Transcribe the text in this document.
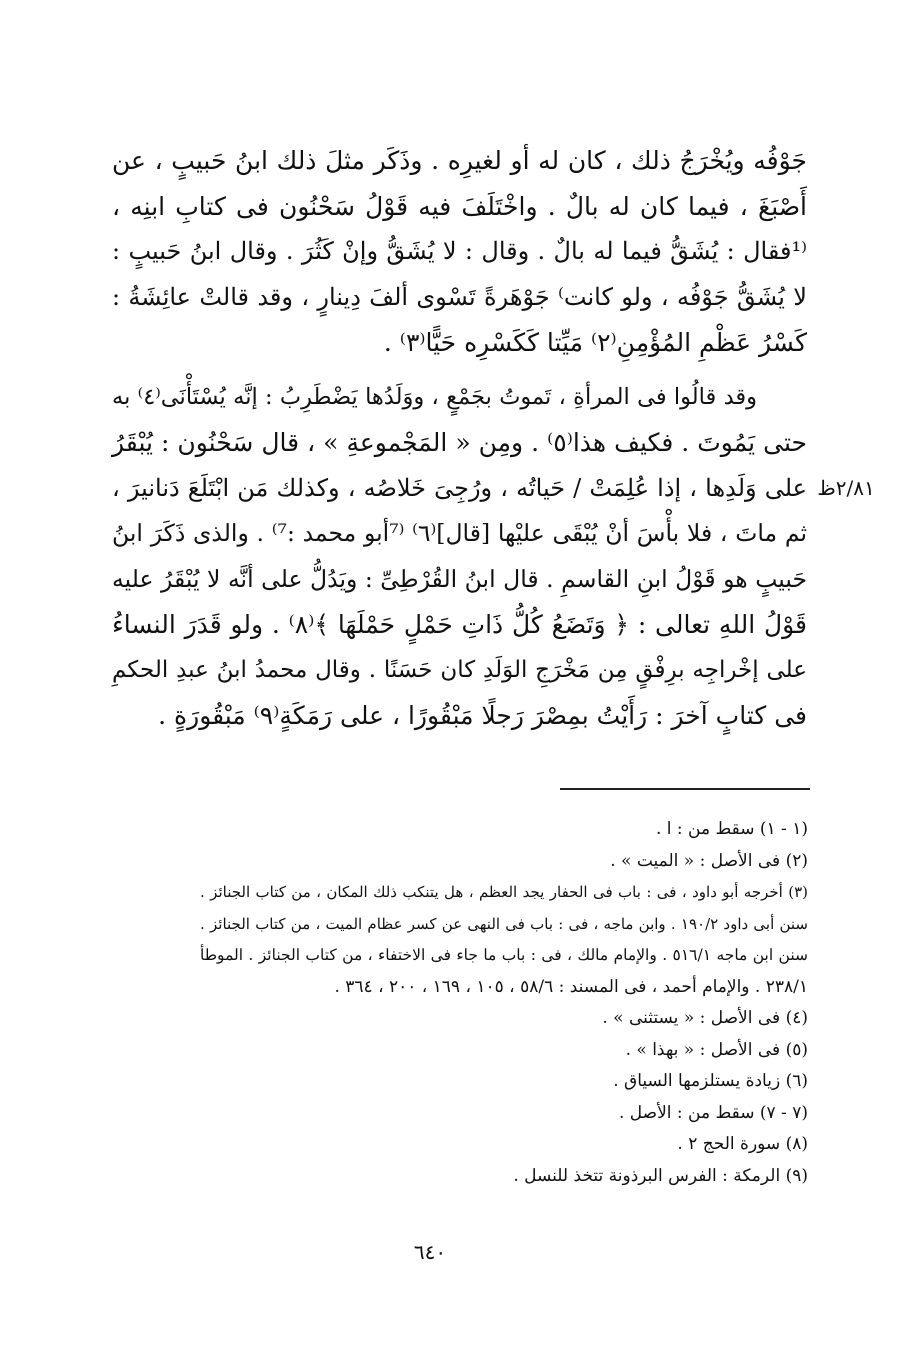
جَوْفُه ويُخْرَجُ ذلك ، كان له أو لغيرِه . وذَكَر مثلَ ذلك ابنُ حَبيبٍ ، عن
أَصْبَغَ ، فيما كان له بالٌ . واخْتَلَفَ فيه قَوْلُ سَحْنُون فى كتابِ ابنِه ،
⁽¹فقال : يُشَقُّ فيما له بالٌ . وقال : لا يُشَقُّ وإنْ كَثُرَ . وقال ابنُ حَبيبٍ :
لا يُشَقُّ جَوْفُه ، ولو كانت⁾ جَوْهَرةً تَسْوى ألفَ دِينارٍ ، وقد قالتْ عائِشَةُ :
كَسْرُ عَظْمِ المُؤْمِنِ⁽٢⁾ مَيِّتا كَكَسْرِه حَيًّا⁽٣⁾ .
وقد قالُوا فى المرأةِ ، تَموتُ بجَمْعٍ ، ووَلَدُها يَضْطَرِبُ : إنَّه يُسْتَأْنَى⁽٤⁾ به
حتى يَمُوتَ . فكيف هذا⁽٥⁾ . ومِن « المَجْموعةِ » ، قال سَحْنُون : يُبْقَرُ
على وَلَدِها ، إذا عُلِمَتْ / حَياتُه ، ورُجِىَ خَلاصُه ، وكذلك مَن ابْتَلَعَ دَنانيرَ ،
ثم ماتَ ، فلا بأْسَ أنْ يُبْقَى عليْها [قال]⁽٦⁾ ⁽⁷أبو محمد :⁷⁾ . والذى ذَكَرَ ابنُ
حَبيبٍ هو قَوْلُ ابنِ القاسمِ . قال ابنُ القُرْطِىِّ : ويَدُلُّ على أنَّه لا يُبْقَرُ عليه
قَوْلُ اللهِ تعالى : ﴿ وَتَضَعُ كُلُّ ذَاتِ حَمْلٍ حَمْلَهَا ﴾⁽٨⁾ . ولو قَدَرَ النساءُ
على إخْراجِه برِفْقٍ مِن مَخْرَجِ الوَلَدِ كان حَسَنًا . وقال محمدُ ابنُ عبدِ الحكمِ
فى كتابٍ آخرَ : رَأَيْتُ بمِصْرَ رَجلًا مَبْقُورًا ، على رَمَكَةٍ⁽٩⁾ مَبْقُورَةٍ .
٢/٨١ظ
(١ - ١) سقط من : ا .
(٢) فى الأصل : « الميت » .
(٣) أخرجه أبو داود ، فى : باب فى الحفار يجد العظم ، هل يتنكب ذلك المكان ، من كتاب الجنائز .
سنن أبى داود ١٩٠/٢ . وابن ماجه ، فى : باب فى النهى عن كسر عظام الميت ، من كتاب الجنائز .
سنن ابن ماجه ٥١٦/١ . والإمام مالك ، فى : باب ما جاء فى الاختفاء ، من كتاب الجنائز . الموطأ
٢٣٨/١ . والإمام أحمد ، فى المسند : ٥٨/٦ ، ١٠٥ ، ١٦٩ ، ٢٠٠ ، ٣٦٤ .
(٤) فى الأصل : « يستثنى » .
(٥) فى الأصل : « بهذا » .
(٦) زيادة يستلزمها السياق .
(٧ - ٧) سقط من : الأصل .
(٨) سورة الحج ٢ .
(٩) الرمكة : الفرس البرذونة تتخذ للنسل .
٦٤٠
